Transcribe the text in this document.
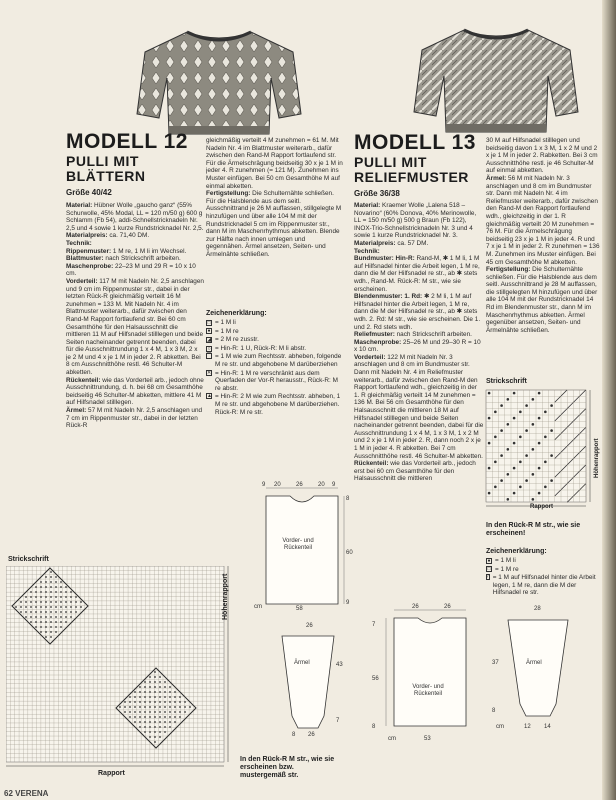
MODELL 12
PULLI MIT
BLÄTTERN
Größe 40/42

Material: Hübner Wolle „gaucho ganz“ (55% Schurwolle, 45% Modal, LL = 120 m/50 g) 600 g Schlamm (Fb 54), addi-Schnellstricknadeln Nr. 2,5 und 4 sowie 1 kurze Rundstricknadel Nr. 2,5.

Materialpreis: ca. 71,40 DM.

Technik:

Rippenmuster: 1 M re, 1 M li im Wechsel.

Blattmuster: nach Strickschrift arbeiten.

Maschenprobe: 22–23 M und 29 R = 10 x 10 cm.

Vorderteil: 117 M mit Nadeln Nr. 2,5 anschlagen und 9 cm im Rippenmuster str., dabei in der letzten Rück-R gleichmäßig verteilt 16 M zunehmen = 133 M. Mit Nadeln Nr. 4 im Blattmuster weiterarb., dafür zwischen den Rand-M Rapport fortlaufend str. Bei 60 cm Gesamthöhe für den Halsausschnitt die mittleren 11 M auf Hilfsnadel stilllegen und beide Seiten nacheinander getrennt beenden, dabei für die Ausschnittrundung 1 x 4 M, 1 x 3 M, 2 x je 2 M und 4 x je 1 M in jeder 2. R abketten. Bei 8 cm Ausschnitthöhe restl. 46 Schulter-M abketten.

Rückenteil: wie das Vorderteil arb., jedoch ohne Ausschnittrundung, d. h. bei 68 cm Gesamthöhe beidseitig 46 Schulter-M abketten, mittlere 41 M auf Hilfsnadel stilllegen.

Ärmel: 57 M mit Nadeln Nr. 2,5 anschlagen und 7 cm im Rippenmuster str., dabei in der letzten Rück-R

gleichmäßig verteilt 4 M zunehmen = 61 M. Mit Nadeln Nr. 4 im Blattmuster weiterarb., dafür zwischen den Rand-M Rapport fortlaufend str. Für die Ärmelschrägung beidseitig 30 x je 1 M in jeder 4. R zunehmen (= 121 M). Zunehmen ins Muster einfügen. Bei 50 cm Gesamthöhe M auf einmal abketten.

Fertigstellung: Die Schulternähte schließen. Für die Halsblende aus dem seitl. Ausschnittrand je 26 M auffassen, stillgelegte M hinzufügen und über alle 104 M mit der Rundstricknadel 5 cm im Rippenmuster str., dann M im Maschenrhythmus abketten. Blende zur Hälfte nach innen umlegen und gegennähen. Ärmel ansetzen, Seiten- und Ärmelnähte schließen.

Zeichenerklärung:
□ = 1 M li
● = 1 M re
◢ = 2 M re zusstr.
○ = Hin-R: 1 U, Rück-R: M li abstr.
⁀ = 1 M wie zum Rechtsstr. abheben, folgende M re str. und abgehobene M darüberziehen
✕ = Hin-R: 1 M re verschränkt aus dem Querfaden der Vor-R herausstr., Rück-R: M re abstr.
▲ = Hin-R: 2 M wie zum Rechtsstr. abheben, 1 M re str. und abgehobene M darüberziehen. Rück-R: M re str.
9 20	26	20 9
8
60
9
cm	58
Vorder- und Rückenteil
26
43
7
8 26
Ärmel
Strickschrift
Rapport
Höhenrapport
In den Rück-R M str., wie sie erscheinen bzw. mustergemäß str.
62 VERENA
MODELL 13
PULLI MIT
RELIEFMUSTER
Größe 36/38

Material: Kraemer Wolle „Lalena 518 – Novarino“ (60% Donova, 40% Merinowolle, LL = 150 m/50 g) 500 g Braun (Fb 122), INOX-Trio-Schnellstricknadeln Nr. 3 und 4 sowie 1 kurze Rundstricknadel Nr. 3.

Materialpreis: ca. 57 DM.

Technik:

Bundmuster: Hin-R: Rand-M, ✱ 1 M li, 1 M auf Hilfsnadel hinter die Arbeit legen, 1 M re, dann die M der Hilfsnadel re str., ab ✱ stets wdh., Rand-M. Rück-R: M str., wie sie erscheinen.

Blendenmuster: 1. Rd: ✱ 2 M li, 1 M auf Hilfsnadel hinter die Arbeit legen, 1 M re, dann die M der Hilfsnadel re str., ab ✱ stets wdh. 2. Rd: M str., wie sie erscheinen. Die 1. und 2. Rd stets wdh.

Reliefmuster: nach Strickschrift arbeiten.

Maschenprobe: 25–26 M und 29–30 R = 10 x 10 cm.

Vorderteil: 122 M mit Nadeln Nr. 3 anschlagen und 8 cm im Bundmuster str. Dann mit Nadeln Nr. 4 im Reliefmuster weiterarb., dafür zwischen den Rand-M den Rapport fortlaufend wdh., gleichzeitig in der 1. R gleichmäßig verteilt 14 M zunehmen = 136 M. Bei 56 cm Gesamthöhe für den Halsausschnitt die mittleren 18 M auf Hilfsnadel stilllegen und beide Seiten nacheinander getrennt beenden, dabei für die Ausschnittrundung 1 x 4 M, 1 x 3 M, 1 x 2 M und 2 x je 1 M in jeder 2. R, dann noch 2 x je 1 M in jeder 4. R abketten. Bei 7 cm Ausschnitthöhe restl. 46 Schulter-M abketten.

Rückenteil: wie das Vorderteil arb., jedoch erst bei 60 cm Gesamthöhe für den Halsausschnitt die mittleren

30 M auf Hilfsnadel stilllegen und beidseitig davon 1 x 3 M, 1 x 2 M und 2 x je 1 M in jeder 2. Rabketten. Bei 3 cm Ausschnitthöhe restl. je 46 Schulter-M auf einmal abketten.

Ärmel: 56 M mit Nadeln Nr. 3 anschlagen und 8 cm im Bundmuster str. Dann mit Nadeln Nr. 4 im Reliefmuster weiterarb., dafür zwischen den Rand-M den Rapport fortlaufend wdh., gleichzeitig in der 1. R gleichmäßig verteilt 20 M zunehmen = 76 M. Für die Ärmelschrägung beidseitig 23 x je 1 M in jeder 4. R und 7 x je 1 M in jeder 2. R zunehmen = 136 M. Zunehmen ins Muster einfügen. Bei 45 cm Gesamthöhe M abketten.

Fertigstellung: Die Schulternähte schließen. Für die Halsblende aus dem seitl. Ausschnittrand je 28 M auffassen, die stillgelegten M hinzufügen und über alle 104 M mit der Rundstricknadel 14 Rd im Blendenmuster str., dann M im Maschenrhythmus abketten. Ärmel gegenüber ansetzen, Seiten- und Ärmelnähte schließen.

Strickschrift
Rapport
Höhenrapport
In den Rück-R M str., wie sie erscheinen!
Zeichenerklärung:
● = 1 M li
□ = 1 M re
⁄ = 1 M auf Hilfsnadel hinter die Arbeit legen, 1 M re, dann die M der Hilfsnadel re str.
26	26
7
56
8
cm	53
Vorder- und Rückenteil
28
37
8
cm	12 14
Ärmel
